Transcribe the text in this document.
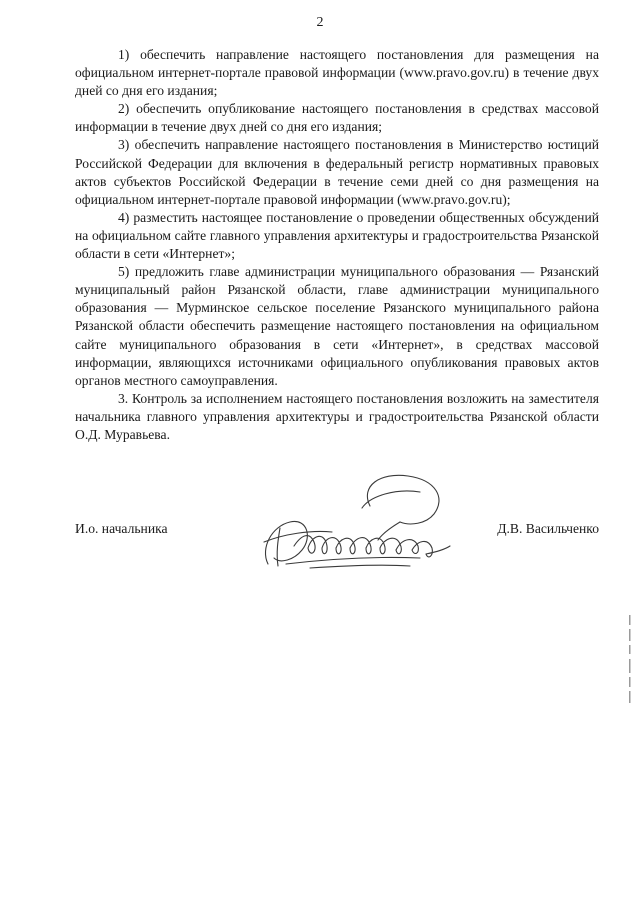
2

1) обеспечить направление настоящего постановления для размещения на официальном интернет-портале правовой информации (www.pravo.gov.ru) в течение двух дней со дня его издания;

2) обеспечить опубликование настоящего постановления в средствах массовой информации в течение двух дней со дня его издания;

3) обеспечить направление настоящего постановления в Министерство юстиций Российской Федерации для включения в федеральный регистр нормативных правовых актов субъектов Российской Федерации в течение семи дней со дня размещения на официальном интернет-портале правовой информации (www.pravo.gov.ru);

4) разместить настоящее постановление о проведении общественных обсуждений на официальном сайте главного управления архитектуры и градостроительства Рязанской области в сети «Интернет»;

5) предложить главе администрации муниципального образования — Рязанский муниципальный район Рязанской области, главе администрации муниципального образования — Мурминское сельское поселение Рязанского муниципального района Рязанской области обеспечить размещение настоящего постановления на официальном сайте муниципального образования в сети «Интернет», в средствах массовой информации, являющихся источниками официального опубликования правовых актов органов местного самоуправления.

3. Контроль за исполнением настоящего постановления возложить на заместителя начальника главного управления архитектуры и градостроительства Рязанской области О.Д. Муравьева.

И.о. начальника	Д.В. Васильченко
